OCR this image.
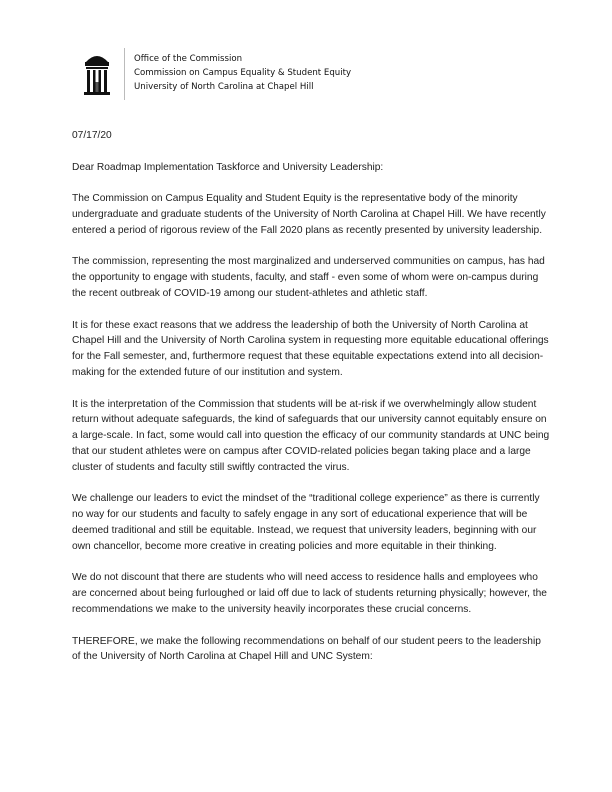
Office of the Commission
Commission on Campus Equality & Student Equity
University of North Carolina at Chapel Hill

07/17/20

Dear Roadmap Implementation Taskforce and University Leadership:

The Commission on Campus Equality and Student Equity is the representative body of the minority undergraduate and graduate students of the University of North Carolina at Chapel Hill. We have recently entered a period of rigorous review of the Fall 2020 plans as recently presented by university leadership.

The commission, representing the most marginalized and underserved communities on campus, has had the opportunity to engage with students, faculty, and staff - even some of whom were on-campus during the recent outbreak of COVID-19 among our student-athletes and athletic staff.

It is for these exact reasons that we address the leadership of both the University of North Carolina at Chapel Hill and the University of North Carolina system in requesting more equitable educational offerings for the Fall semester, and, furthermore request that these equitable expectations extend into all decision-making for the extended future of our institution and system.

It is the interpretation of the Commission that students will be at-risk if we overwhelmingly allow student return without adequate safeguards, the kind of safeguards that our university cannot equitably ensure on a large-scale. In fact, some would call into question the efficacy of our community standards at UNC being that our student athletes were on campus after COVID-related policies began taking place and a large cluster of students and faculty still swiftly contracted the virus.

We challenge our leaders to evict the mindset of the “traditional college experience” as there is currently no way for our students and faculty to safely engage in any sort of educational experience that will be deemed traditional and still be equitable. Instead, we request that university leaders, beginning with our own chancellor, become more creative in creating policies and more equitable in their thinking.

We do not discount that there are students who will need access to residence halls and employees who are concerned about being furloughed or laid off due to lack of students returning physically; however, the recommendations we make to the university heavily incorporates these crucial concerns.

THEREFORE, we make the following recommendations on behalf of our student peers to the leadership of the University of North Carolina at Chapel Hill and UNC System:
